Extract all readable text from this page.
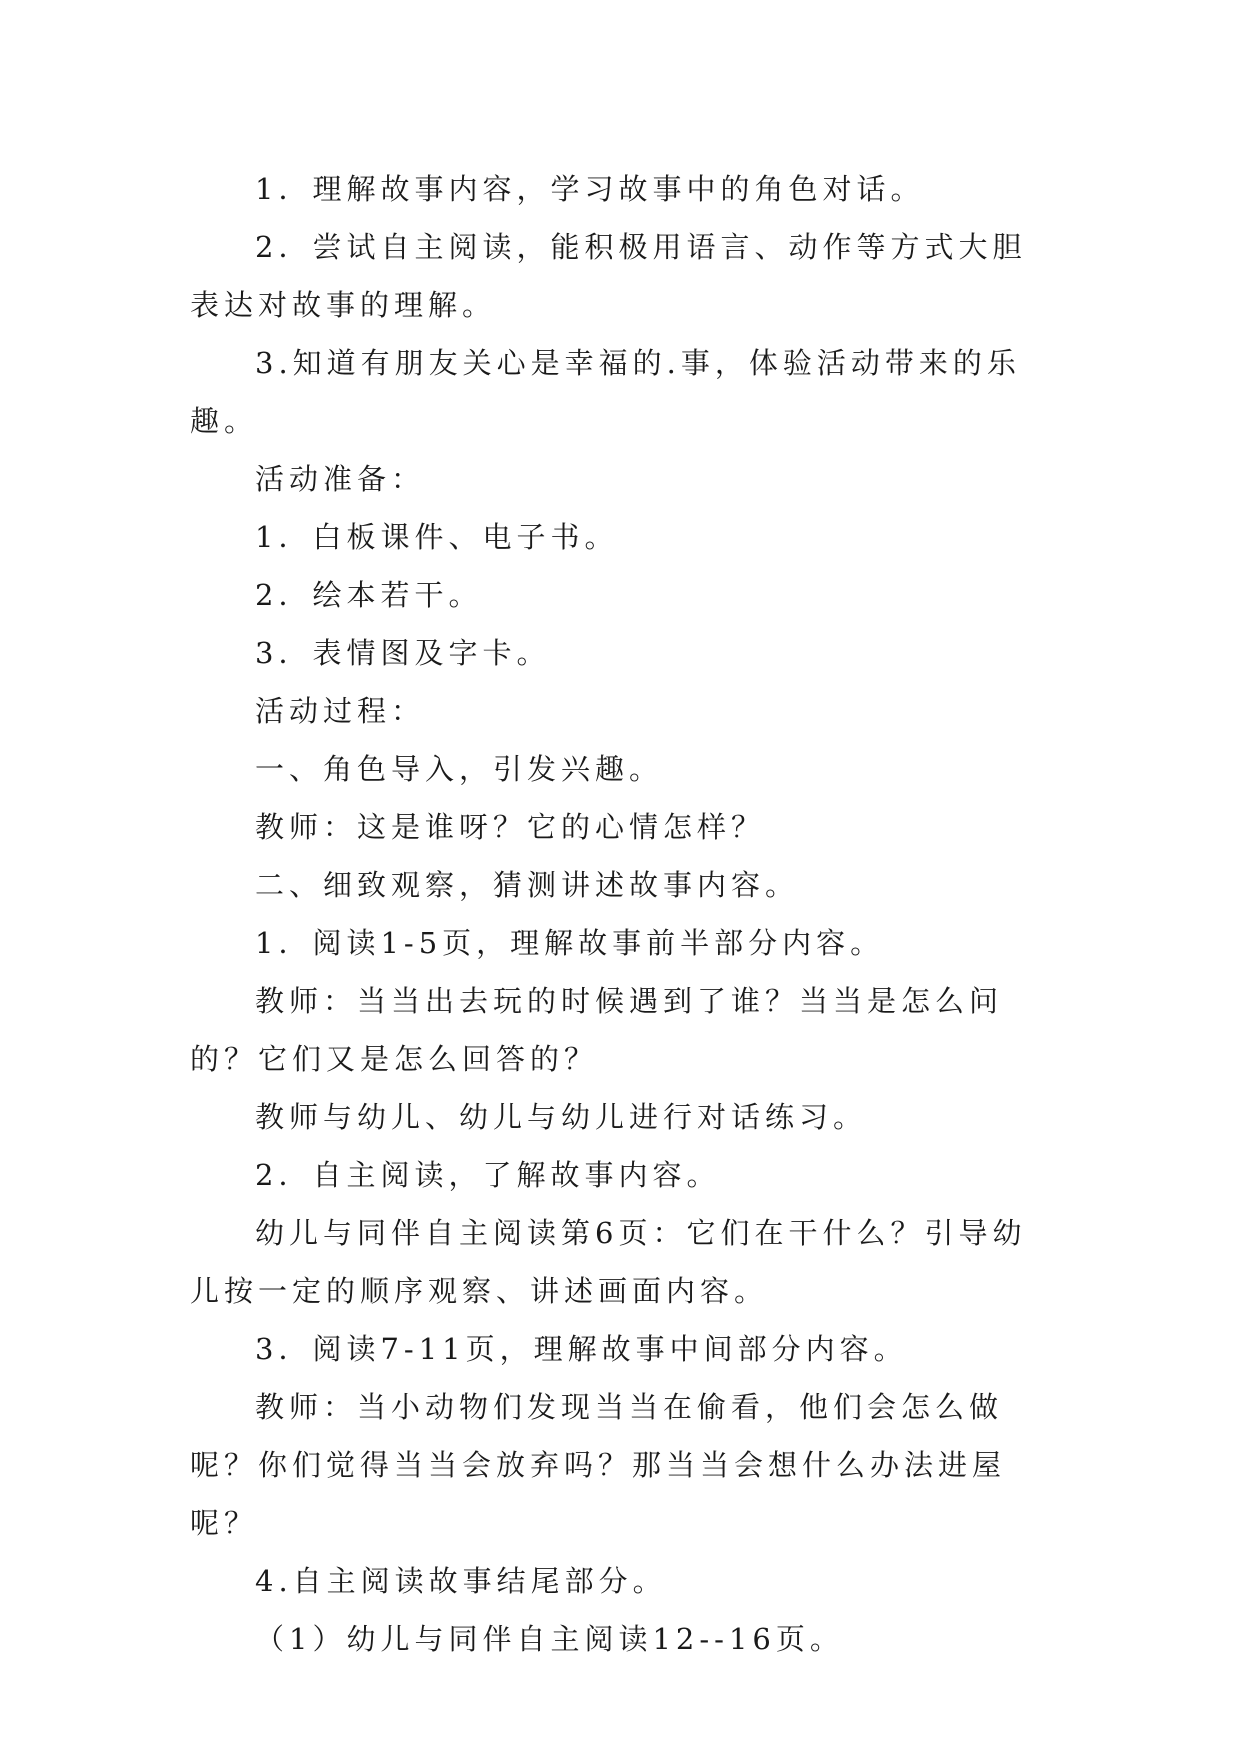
1．理解故事内容，学习故事中的角色对话。

2．尝试自主阅读，能积极用语言、动作等方式大胆表达对故事的理解。

3.知道有朋友关心是幸福的.事，体验活动带来的乐趣。

活动准备：

1．白板课件、电子书。

2．绘本若干。

3．表情图及字卡。

活动过程：

一、角色导入，引发兴趣。

教师：这是谁呀？它的心情怎样？

二、细致观察，猜测讲述故事内容。

1．阅读1-5页，理解故事前半部分内容。

教师：当当出去玩的时候遇到了谁？当当是怎么问的？它们又是怎么回答的？

教师与幼儿、幼儿与幼儿进行对话练习。

2．自主阅读，了解故事内容。

幼儿与同伴自主阅读第6页：它们在干什么？引导幼儿按一定的顺序观察、讲述画面内容。

3．阅读7-11页，理解故事中间部分内容。

教师：当小动物们发现当当在偷看，他们会怎么做呢？你们觉得当当会放弃吗？那当当会想什么办法进屋呢？

4.自主阅读故事结尾部分。

（1）幼儿与同伴自主阅读12--16页。
